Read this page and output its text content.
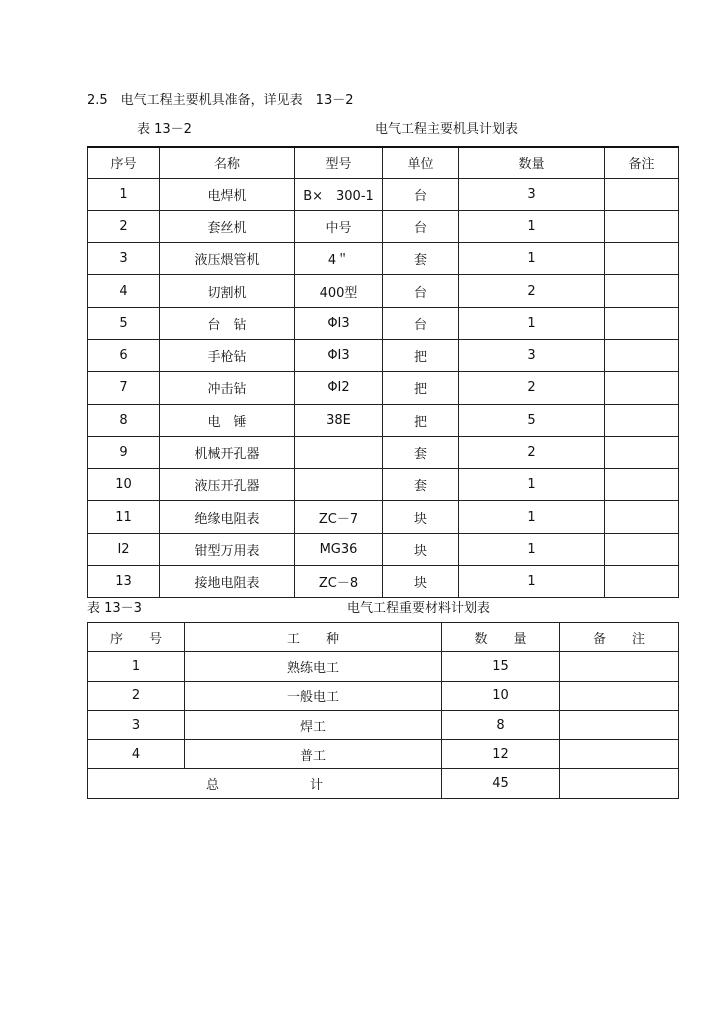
2.5　电气工程主要机具准备，详见表　13－2
表 13－2	电气工程主要机具计划表
序号	名称	型号	单位	数量	备注
1	电焊机	B×　300-1	台	3	
2	套丝机	中号	台	1	
3	液压煨管机	4＂	套	1	
4	切割机	400型	台	2	
5	台　钻	ΦI3	台	1	
6	手枪钻	ΦI3	把	3	
7	冲击钻	ΦI2	把	2	
8	电　锤	38E	把	5	
9	机械开孔器		套	2	
10	液压开孔器		套	1	
11	绝缘电阻表	ZC－7	块	1	
I2	钳型万用表	MG36	块	1	
13	接地电阻表	ZC－8	块	1	
表 13－3	电气工程重要材料计划表
序　　号	工　　种	数　　量	备　　注
1	熟练电工	15	
2	一般电工	10	
3	焊工	8	
4	普工	12	
总　　　　　　　计		45	
